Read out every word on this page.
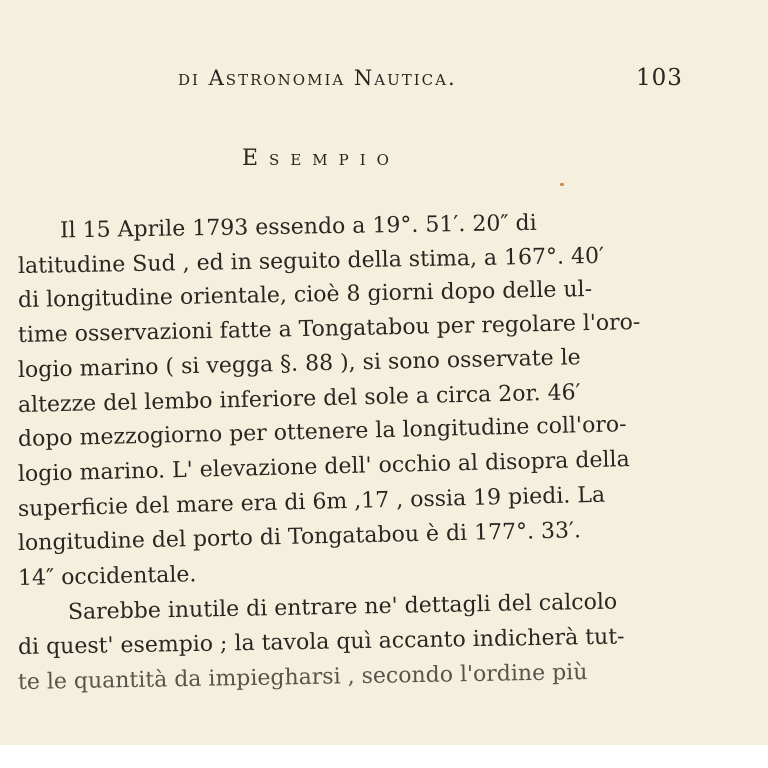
di Astronomia Nautica.	103
Esempio
Il 15 Aprile 1793 essendo a 19°. 51′. 20″ di
latitudine Sud , ed in seguito della stima, a 167°. 40′
di longitudine orientale, cioè 8 giorni dopo delle ul-
time osservazioni fatte a Tongatabou per regolare l'oro-
logio marino ( si vegga §. 88 ), si sono osservate le
altezze del lembo inferiore del sole a circa 2or. 46′
dopo mezzogiorno per ottenere la longitudine coll'oro-
logio marino. L' elevazione dell' occhio al disopra della
superficie del mare era di 6m ,17 , ossia 19 piedi. La
longitudine del porto di Tongatabou è di 177°. 33′.
14″ occidentale.
Sarebbe inutile di entrare ne' dettagli del calcolo
di quest' esempio ; la tavola quì accanto indicherà tut-
te le quantità da impiegharsi , secondo l'ordine più
